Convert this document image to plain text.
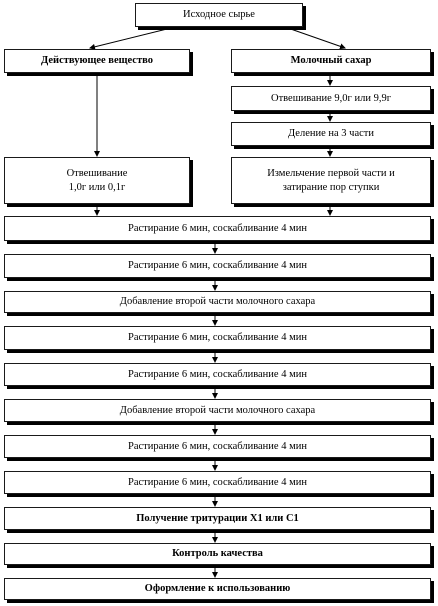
Исходное сырье
Действующее вещество	Молочный сахар
Отвешивание 9,0г или 9,9г
Деление на 3 части
Отвешивание
1,0г или 0,1г
Измельчение первой части и
затирание пор ступки
Растирание 6 мин, соскабливание 4 мин
Растирание 6 мин, соскабливание 4 мин
Добавление второй части молочного сахара
Растирание 6 мин, соскабливание 4 мин
Растирание 6 мин, соскабливание 4 мин
Добавление второй части молочного сахара
Растирание 6 мин, соскабливание 4 мин
Растирание 6 мин, соскабливание 4 мин
Получение тритурации X1 или C1
Контроль качества
Оформление к использованию
